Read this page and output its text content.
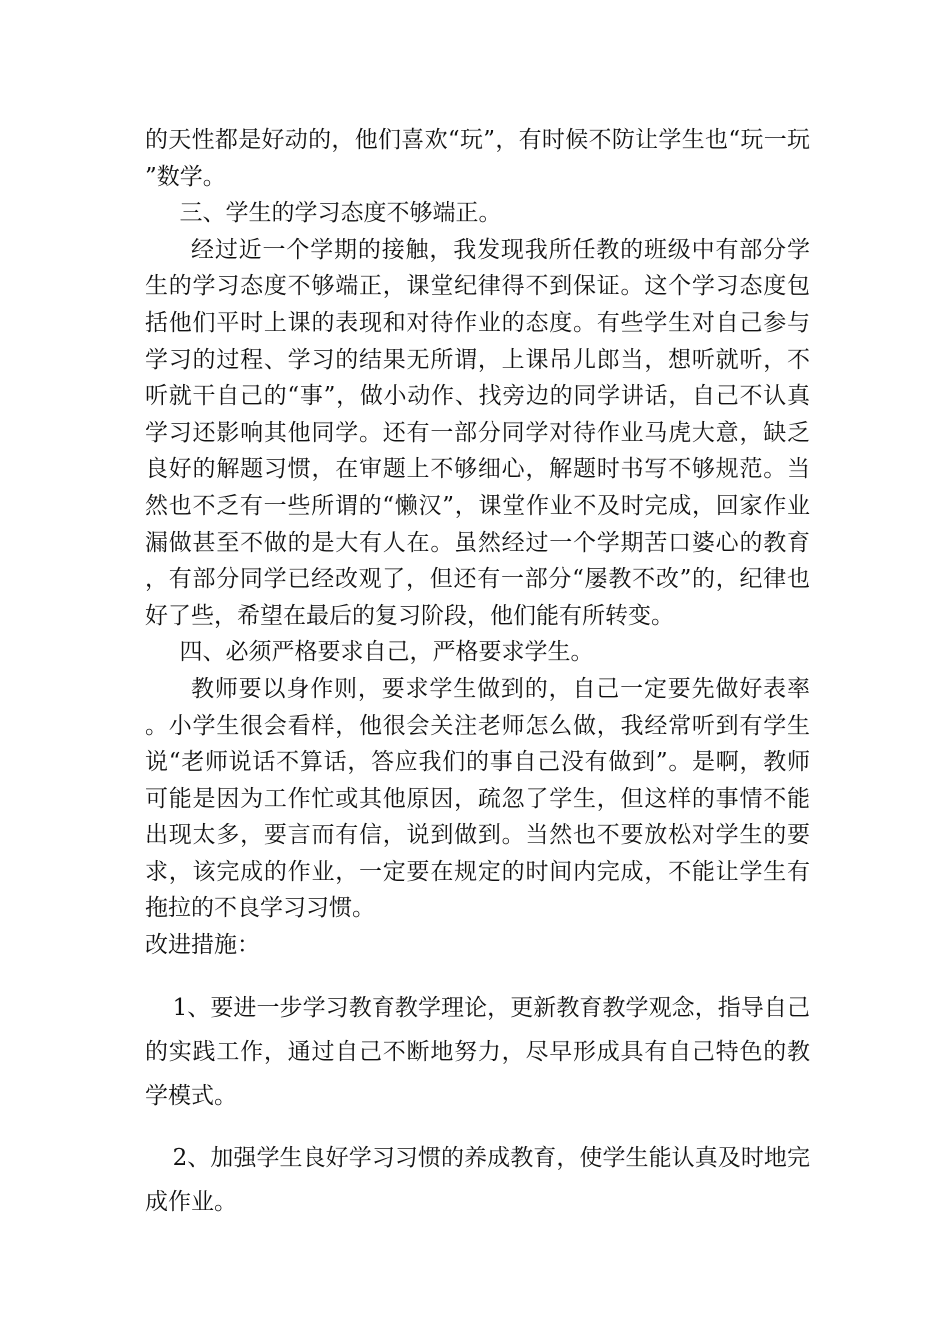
的天性都是好动的，他们喜欢“玩”，有时候不防让学生也“玩一玩”数学。

三、学生的学习态度不够端正。

经过近一个学期的接触，我发现我所任教的班级中有部分学生的学习态度不够端正，课堂纪律得不到保证。这个学习态度包括他们平时上课的表现和对待作业的态度。有些学生对自己参与学习的过程、学习的结果无所谓，上课吊儿郎当，想听就听，不听就干自己的“事”，做小动作、找旁边的同学讲话，自己不认真学习还影响其他同学。还有一部分同学对待作业马虎大意，缺乏良好的解题习惯，在审题上不够细心，解题时书写不够规范。当然也不乏有一些所谓的“懒汉”，课堂作业不及时完成，回家作业漏做甚至不做的是大有人在。虽然经过一个学期苦口婆心的教育，有部分同学已经改观了，但还有一部分“屡教不改”的，纪律也好了些，希望在最后的复习阶段，他们能有所转变。

四、必须严格要求自己，严格要求学生。

教师要以身作则，要求学生做到的，自己一定要先做好表率。小学生很会看样，他很会关注老师怎么做，我经常听到有学生说“老师说话不算话，答应我们的事自己没有做到”。是啊，教师可能是因为工作忙或其他原因，疏忽了学生，但这样的事情不能出现太多，要言而有信，说到做到。当然也不要放松对学生的要求，该完成的作业，一定要在规定的时间内完成，不能让学生有拖拉的不良学习习惯。

改进措施：

1、要进一步学习教育教学理论，更新教育教学观念，指导自己的实践工作，通过自己不断地努力，尽早形成具有自己特色的教学模式。

2、加强学生良好学习习惯的养成教育，使学生能认真及时地完成作业。
